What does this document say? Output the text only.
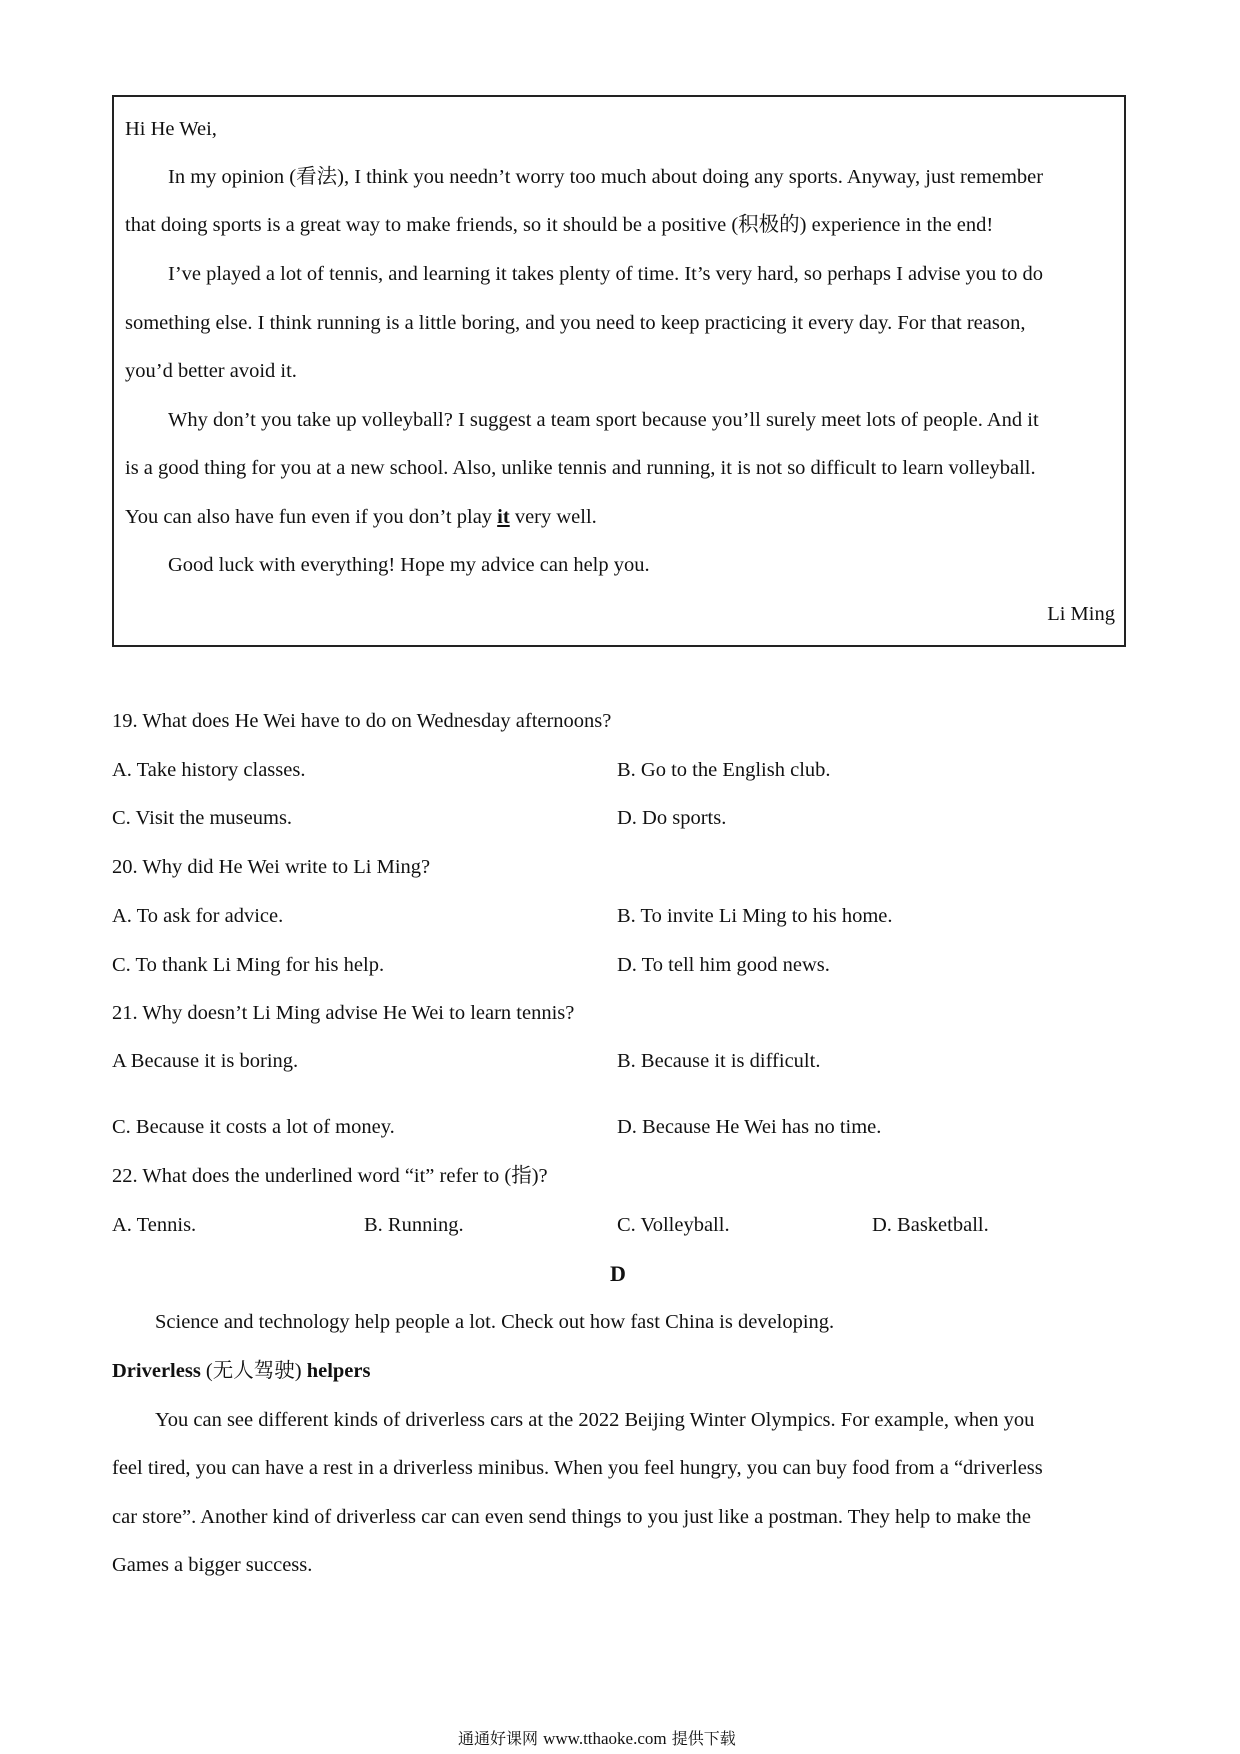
Hi He Wei,
In my opinion (看法), I think you needn’t worry too much about doing any sports. Anyway, just remember
that doing sports is a great way to make friends, so it should be a positive (积极的) experience in the end!
I’ve played a lot of tennis, and learning it takes plenty of time. It’s very hard, so perhaps I advise you to do
something else. I think running is a little boring, and you need to keep practicing it every day. For that reason,
you’d better avoid it.
Why don’t you take up volleyball? I suggest a team sport because you’ll surely meet lots of people. And it
is a good thing for you at a new school. Also, unlike tennis and running, it is not so difficult to learn volleyball.
You can also have fun even if you don’t play it very well.
Good luck with everything! Hope my advice can help you.
Li Ming
19. What does He Wei have to do on Wednesday afternoons?
A. Take history classes.	B. Go to the English club.
C. Visit the museums.	D. Do sports.
20. Why did He Wei write to Li Ming?
A. To ask for advice.	B. To invite Li Ming to his home.
C. To thank Li Ming for his help.	D. To tell him good news.
21. Why doesn’t Li Ming advise He Wei to learn tennis?
A Because it is boring.	B. Because it is difficult.
C. Because it costs a lot of money.	D. Because He Wei has no time.
22. What does the underlined word “it” refer to (指)?
A. Tennis.	B. Running.	C. Volleyball.	D. Basketball.
D
Science and technology help people a lot. Check out how fast China is developing.
Driverless (无人驾驶) helpers
You can see different kinds of driverless cars at the 2022 Beijing Winter Olympics. For example, when you
feel tired, you can have a rest in a driverless minibus. When you feel hungry, you can buy food from a “driverless
car store”. Another kind of driverless car can even send things to you just like a postman. They help to make the
Games a bigger success.
通通好课网 www.tthaoke.com 提供下载
